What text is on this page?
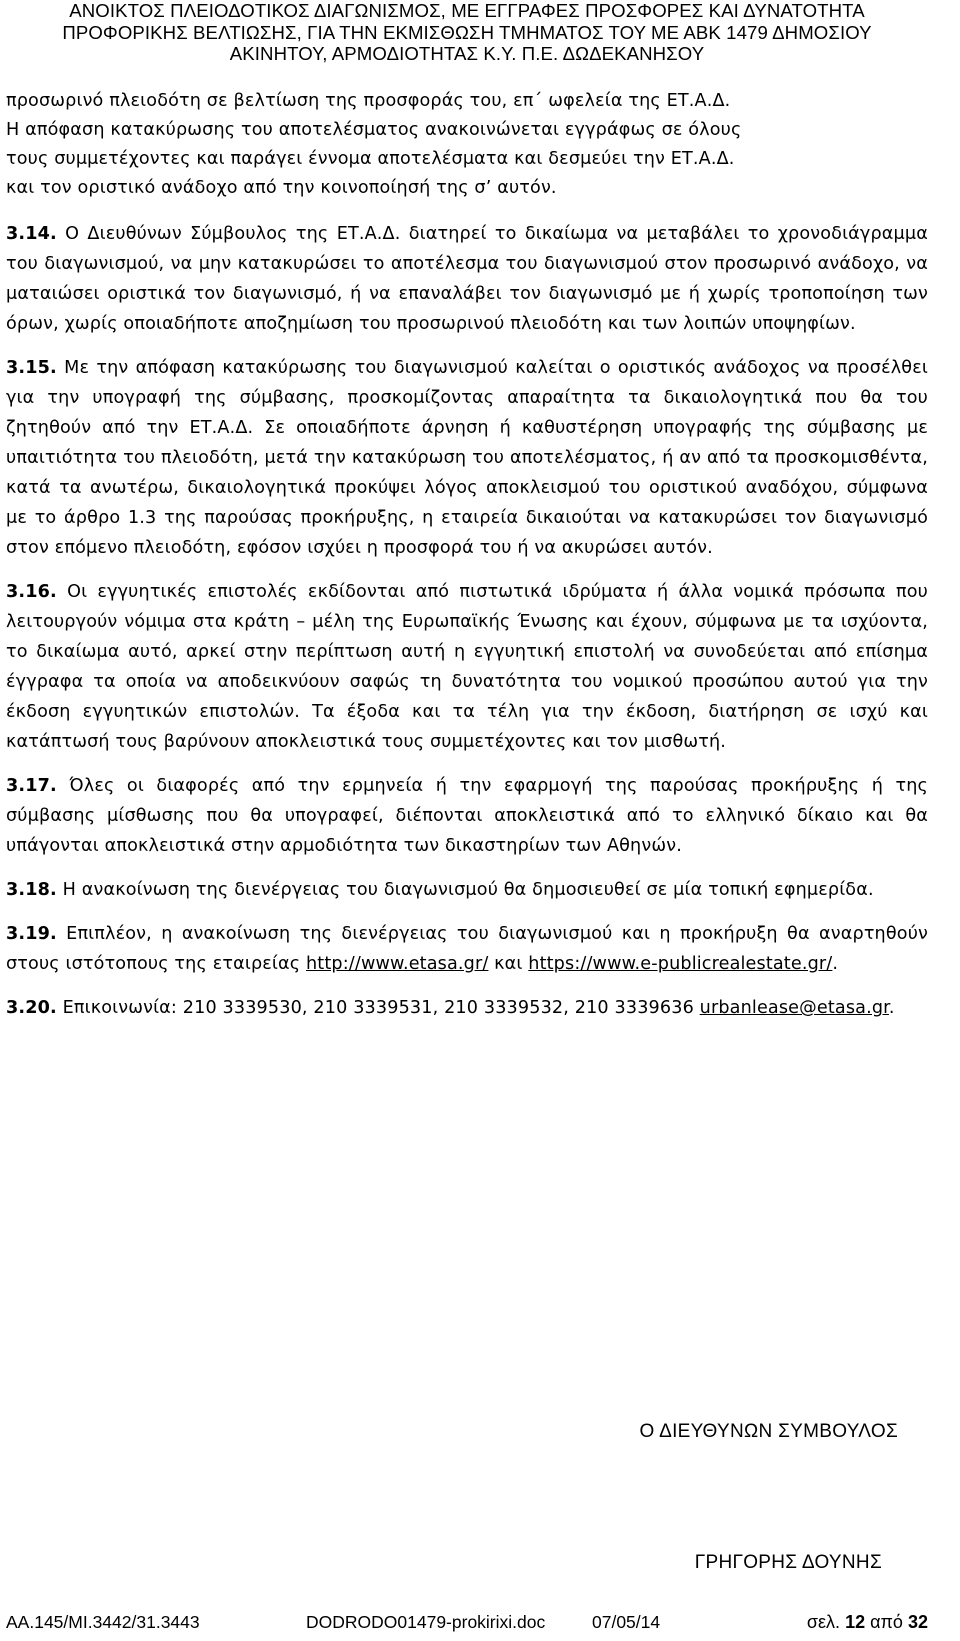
ΑΝΟΙΚΤΟΣ ΠΛΕΙΟΔΟΤΙΚΟΣ ΔΙΑΓΩΝΙΣΜΟΣ, ΜΕ ΕΓΓΡΑΦΕΣ ΠΡΟΣΦΟΡΕΣ ΚΑΙ ΔΥΝΑΤΟΤΗΤΑ
ΠΡΟΦΟΡΙΚΗΣ ΒΕΛΤΙΩΣΗΣ, ΓΙΑ ΤΗΝ ΕΚΜΙΣΘΩΣΗ ΤΜΗΜΑΤΟΣ ΤΟΥ ΜΕ ΑΒΚ 1479 ΔΗΜΟΣΙΟΥ
ΑΚΙΝΗΤΟΥ, ΑΡΜΟΔΙΟΤΗΤΑΣ Κ.Υ. Π.Ε. ΔΩΔΕΚΑΝΗΣΟΥ
προσωρινό πλειοδότη σε βελτίωση της προσφοράς του, επ΄ ωφελεία της ΕΤ.Α.Δ.
Η απόφαση κατακύρωσης του αποτελέσματος ανακοινώνεται εγγράφως σε όλους
τους συμμετέχοντες και παράγει έννομα αποτελέσματα και δεσμεύει την ΕΤ.Α.Δ.
και τον οριστικό ανάδοχο από την κοινοποίησή της σ’ αυτόν.
3.14. Ο Διευθύνων Σύμβουλος της ΕΤ.Α.Δ. διατηρεί το δικαίωμα να μεταβάλει το χρονοδιάγραμμα του διαγωνισμού, να μην κατακυρώσει το αποτέλεσμα του διαγωνισμού στον προσωρινό ανάδοχο, να ματαιώσει οριστικά τον διαγωνισμό, ή να επαναλάβει τον διαγωνισμό με ή χωρίς τροποποίηση των όρων, χωρίς οποιαδήποτε αποζημίωση του προσωρινού πλειοδότη και των λοιπών υποψηφίων.
3.15. Με την απόφαση κατακύρωσης του διαγωνισμού καλείται ο οριστικός ανάδοχος να προσέλθει για την υπογραφή της σύμβασης, προσκομίζοντας απαραίτητα τα δικαιολογητικά που θα του ζητηθούν από την ΕΤ.Α.Δ. Σε οποιαδήποτε άρνηση ή καθυστέρηση υπογραφής της σύμβασης με υπαιτιότητα του πλειοδότη, μετά την κατακύρωση του αποτελέσματος, ή αν από τα προσκομισθέντα, κατά τα ανωτέρω, δικαιολογητικά προκύψει λόγος αποκλεισμού του οριστικού αναδόχου, σύμφωνα με το άρθρο 1.3 της παρούσας προκήρυξης, η εταιρεία δικαιούται να κατακυρώσει τον διαγωνισμό στον επόμενο πλειοδότη, εφόσον ισχύει η προσφορά του ή να ακυρώσει αυτόν.
3.16. Οι εγγυητικές επιστολές εκδίδονται από πιστωτικά ιδρύματα ή άλλα νομικά πρόσωπα που λειτουργούν νόμιμα στα κράτη – μέλη της Ευρωπαϊκής Ένωσης και έχουν, σύμφωνα με τα ισχύοντα, το δικαίωμα αυτό, αρκεί στην περίπτωση αυτή η εγγυητική επιστολή να συνοδεύεται από επίσημα έγγραφα τα οποία να αποδεικνύουν σαφώς τη δυνατότητα του νομικού προσώπου αυτού για την έκδοση εγγυητικών επιστολών. Τα έξοδα και τα τέλη για την έκδοση, διατήρηση σε ισχύ και κατάπτωσή τους βαρύνουν αποκλειστικά τους συμμετέχοντες και τον μισθωτή.
3.17. Όλες οι διαφορές από την ερμηνεία ή την εφαρμογή της παρούσας προκήρυξης ή της σύμβασης μίσθωσης που θα υπογραφεί, διέπονται αποκλειστικά από το ελληνικό δίκαιο και θα υπάγονται αποκλειστικά στην αρμοδιότητα των δικαστηρίων των Αθηνών.
3.18. Η ανακοίνωση της διενέργειας του διαγωνισμού θα δημοσιευθεί σε μία τοπική εφημερίδα.
3.19. Επιπλέον, η ανακοίνωση της διενέργειας του διαγωνισμού και η προκήρυξη θα αναρτηθούν στους ιστότοπους της εταιρείας http://www.etasa.gr/ και https://www.e-publicrealestate.gr/.
3.20. Επικοινωνία: 210 3339530, 210 3339531, 210 3339532, 210 3339636 urbanlease@etasa.gr.
Ο ΔΙΕΥΘΥΝΩΝ ΣΥΜΒΟΥΛΟΣ
ΓΡΗΓΟΡΗΣ ΔΟΥΝΗΣ
ΑΑ.145/ΜΙ.3442/31.3443	DODRODO01479-prokirixi.doc	07/05/14	σελ. 12 από 32
